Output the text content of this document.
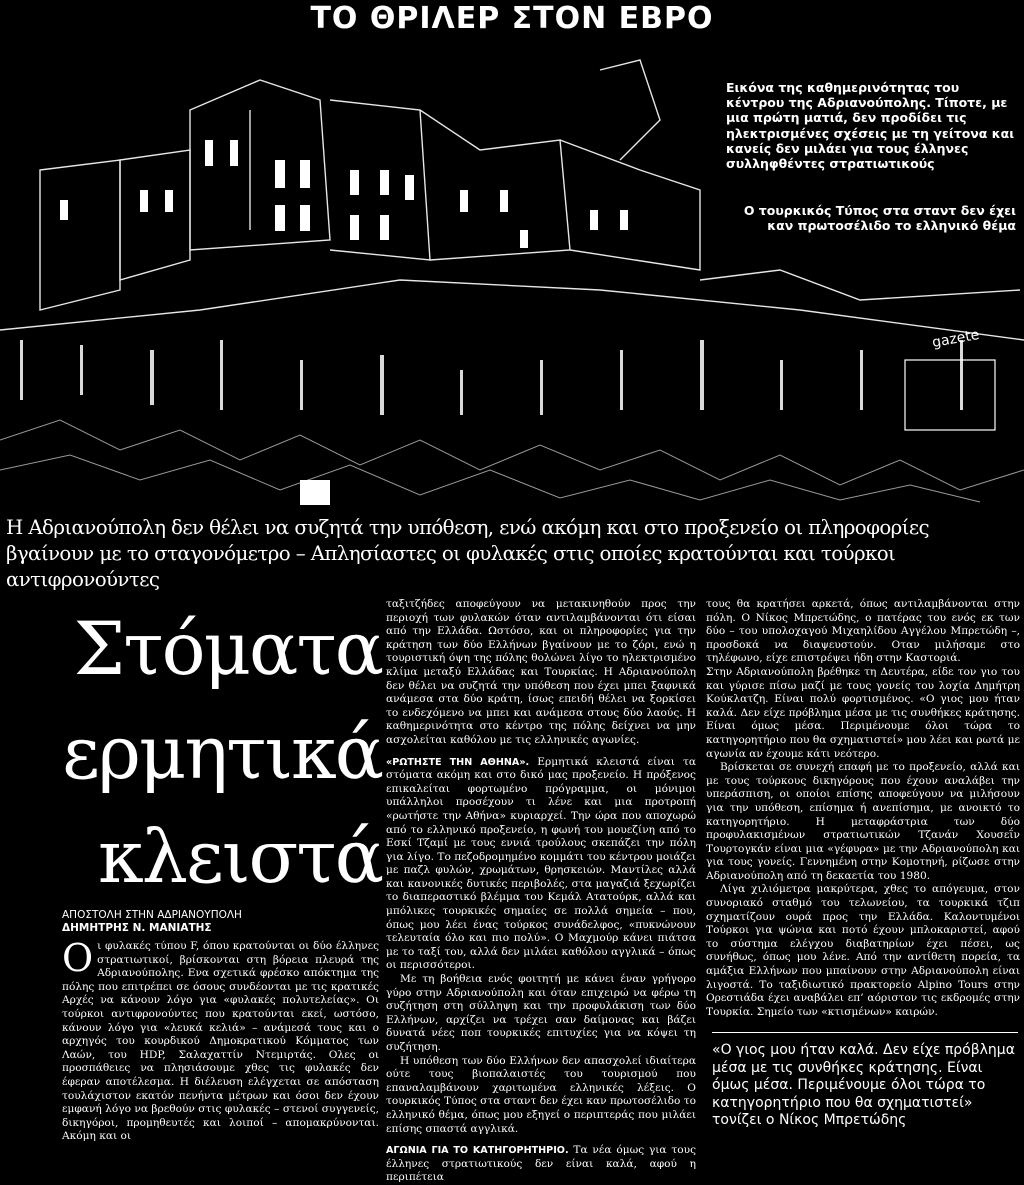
ΤΟ ΘΡΙΛΕΡ ΣΤΟΝ ΕΒΡΟ
Εικόνα της καθημερινότητας του κέντρου της Αδριανούπολης. Τίποτε, με μια πρώτη ματιά, δεν προδίδει τις ηλεκτρισμένες σχέσεις με τη γείτονα και κανείς δεν μιλάει για τους έλληνες συλληφθέντες στρατιωτικούς
Ο τουρκικός Τύπος στα σταντ δεν έχει καν πρωτοσέλιδο το ελληνικό θέμα
gazete
Η Αδριανούπολη δεν θέλει να συζητά την υπόθεση, ενώ ακόμη και στο προξενείο οι πληροφορίες βγαίνουν με το σταγονόμετρο – Απλησίαστες οι φυλακές στις οποίες κρατούνται και τούρκοι αντιφρονούντες
Στόματα
ερμητικά
κλειστά
ΑΠΟΣΤΟΛΗ ΣΤΗΝ ΑΔΡΙΑΝΟΥΠΟΛΗ
ΔΗΜΗΤΡΗΣ Ν. ΜΑΝΙΑΤΗΣ

Οι φυλακές τύπου F, όπου κρατούνται οι δύο έλληνες στρατιωτικοί, βρίσκονται στη βόρεια πλευρά της Αδριανούπολης. Ενα σχετικά φρέσκο απόκτημα της πόλης που επιτρέπει σε όσους συνδέονται με τις κρατικές Αρχές να κάνουν λόγο για «φυλακές πολυτελείας». Οι τούρκοι αντιφρονούντες που κρατούνται εκεί, ωστόσο, κάνουν λόγο για «λευκά κελιά» – ανάμεσά τους και ο αρχηγός του κουρδικού Δημοκρατικού Κόμματος των Λαών, του HDP, Σαλαχαττίν Ντεμιρτάς. Ολες οι προσπάθειες να πλησιάσουμε χθες τις φυλακές δεν έφεραν αποτέλεσμα. Η διέλευση ελέγχεται σε απόσταση τουλάχιστον εκατόν πενήντα μέτρων και όσοι δεν έχουν εμφανή λόγο να βρεθούν στις φυλακές – στενοί συγγενείς, δικηγόροι, προμηθευτές και λοιποί – απομακρύνονται. Ακόμη και οι

ταξιτζήδες αποφεύγουν να μετακινηθούν προς την περιοχή των φυλακών όταν αντιλαμβάνονται ότι είσαι από την Ελλάδα. Ωστόσο, και οι πληροφορίες για την κράτηση των δύο Ελλήνων βγαίνουν με το ζόρι, ενώ η τουριστική όψη της πόλης θολώνει λίγο το ηλεκτρισμένο κλίμα μεταξύ Ελλάδας και Τουρκίας. Η Αδριανούπολη δεν θέλει να συζητά την υπόθεση που έχει μπει ξαφνικά ανάμεσα στα δύο κράτη, ίσως επειδή θέλει να ξορκίσει το ενδεχόμενο να μπει και ανάμεσα στους δύο λαούς. Η καθημερινότητα στο κέντρο της πόλης δείχνει να μην ασχολείται καθόλου με τις ελληνικές αγωνίες.

«ΡΩΤΗΣΤΕ ΤΗΝ ΑΘΗΝΑ». Ερμητικά κλειστά είναι τα στόματα ακόμη και στο δικό μας προξενείο. Η πρόξενος επικαλείται φορτωμένο πρόγραμμα, οι μόνιμοι υπάλληλοι προσέχουν τι λένε και μια προτροπή «ρωτήστε την Αθήνα» κυριαρχεί. Την ώρα που αποχωρώ από το ελληνικό προξενείο, η φωνή του μουεζίνη από το Εσκί Τζαμί με τους εννιά τρούλους σκεπάζει την πόλη για λίγο. Το πεζοδρομημένο κομμάτι του κέντρου μοιάζει με παζλ φυλών, χρωμάτων, θρησκειών. Μαντίλες αλλά και κανονικές δυτικές περιβολές, στα μαγαζιά ξεχωρίζει το διαπεραστικό βλέμμα του Κεμάλ Ατατούρκ, αλλά και μπόλικες τουρκικές σημαίες σε πολλά σημεία – που, όπως μου λέει ένας τούρκος συνάδελφος, «πυκνώνουν τελευταία όλο και πιο πολύ». Ο Μαχμούρ κάνει πιάτσα με το ταξί του, αλλά δεν μιλάει καθόλου αγγλικά – όπως οι περισσότεροι.

Με τη βοήθεια ενός φοιτητή με κάνει έναν γρήγορο γύρο στην Αδριανούπολη και όταν επιχειρώ να φέρω τη συζήτηση στη σύλληψη και την προφυλάκιση των δύο Ελλήνων, αρχίζει να τρέχει σαν δαίμονας και βάζει δυνατά νέες ποπ τουρκικές επιτυχίες για να κόψει τη συζήτηση.

Η υπόθεση των δύο Ελλήνων δεν απασχολεί ιδιαίτερα ούτε τους βιοπαλαιστές του τουρισμού που επαναλαμβάνουν χαριτωμένα ελληνικές λέξεις. Ο τουρκικός Τύπος στα σταντ δεν έχει καν πρωτοσέλιδο το ελληνικό θέμα, όπως μου εξηγεί ο περιπτεράς που μιλάει επίσης σπαστά αγγλικά.

ΑΓΩΝΙΑ ΓΙΑ ΤΟ ΚΑΤΗΓΟΡΗΤΗΡΙΟ. Τα νέα όμως για τους έλληνες στρατιωτικούς δεν είναι καλά, αφού η περιπέτεια

τους θα κρατήσει αρκετά, όπως αντιλαμβάνονται στην πόλη. Ο Νίκος Μπρετώδης, ο πατέρας του ενός εκ των δύο – του υπολοχαγού Μιχαηλίδου Αγγέλου Μπρετώδη –, προσδοκά να διαψευστούν. Οταν μιλήσαμε στο τηλέφωνο, είχε επιστρέψει ήδη στην Καστοριά.

Στην Αδριανούπολη βρέθηκε τη Δευτέρα, είδε τον γιο του και γύρισε πίσω μαζί με τους γονείς του λοχία Δημήτρη Κούκλατζη. Είναι πολύ φορτισμένος. «Ο γιος μου ήταν καλά. Δεν είχε πρόβλημα μέσα με τις συνθήκες κράτησης. Είναι όμως μέσα. Περιμένουμε όλοι τώρα το κατηγορητήριο που θα σχηματιστεί» μου λέει και ρωτά με αγωνία αν έχουμε κάτι νεότερο.

Βρίσκεται σε συνεχή επαφή με το προξενείο, αλλά και με τους τούρκους δικηγόρους που έχουν αναλάβει την υπεράσπιση, οι οποίοι επίσης αποφεύγουν να μιλήσουν για την υπόθεση, επίσημα ή ανεπίσημα, με ανοικτό το κατηγορητήριο. Η μεταφράστρια των δύο προφυλακισμένων στρατιωτικών Τζανάν Χουσεΐν Τουρτογκάν είναι μια «γέφυρα» με την Αδριανούπολη και για τους γονείς. Γεννημένη στην Κομοτηνή, ρίζωσε στην Αδριανούπολη από τη δεκαετία του 1980.

Λίγα χιλιόμετρα μακρύτερα, χθες το απόγευμα, στον συνοριακό σταθμό του τελωνείου, τα τουρκικά τζιπ σχηματίζουν ουρά προς την Ελλάδα. Καλοντυμένοι Τούρκοι για ψώνια και ποτό έχουν μπλοκαριστεί, αφού το σύστημα ελέγχου διαβατηρίων έχει πέσει, ως συνήθως, όπως μου λένε. Από την αντίθετη πορεία, τα αμάξια Ελλήνων που μπαίνουν στην Αδριανούπολη είναι λιγοστά. Το ταξιδιωτικό πρακτορείο Alpino Tours στην Ορεστιάδα έχει αναβάλει επ’ αόριστον τις εκδρομές στην Τουρκία. Σημείο των «κτισμένων» καιρών.

«Ο γιος μου ήταν καλά. Δεν είχε πρόβλημα μέσα με τις συνθήκες κράτησης. Είναι όμως μέσα. Περιμένουμε όλοι τώρα το κατηγορητήριο που θα σχηματιστεί» τονίζει ο Νίκος Μπρετώδης
